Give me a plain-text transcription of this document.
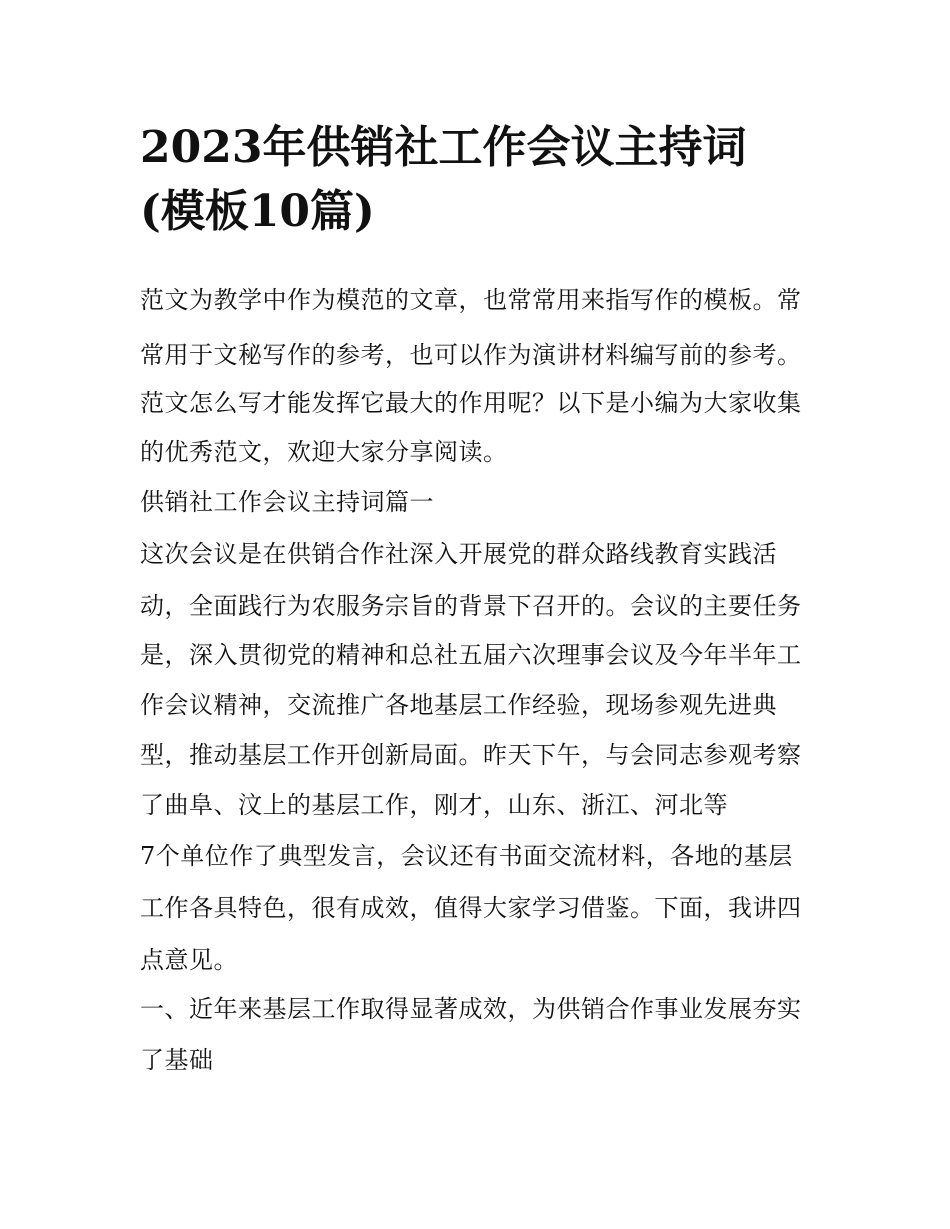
2023年供销社工作会议主持词
(模板10篇)

范文为教学中作为模范的文章，也常常用来指写作的模板。常

常用于文秘写作的参考，也可以作为演讲材料编写前的参考。

范文怎么写才能发挥它最大的作用呢？以下是小编为大家收集

的优秀范文，欢迎大家分享阅读。

供销社工作会议主持词篇一

这次会议是在供销合作社深入开展党的群众路线教育实践活

动，全面践行为农服务宗旨的背景下召开的。会议的主要任务

是，深入贯彻党的精神和总社五届六次理事会议及今年半年工

作会议精神，交流推广各地基层工作经验，现场参观先进典

型，推动基层工作开创新局面。昨天下午，与会同志参观考察

了曲阜、汶上的基层工作，刚才，山东、浙江、河北等

7个单位作了典型发言，会议还有书面交流材料，各地的基层

工作各具特色，很有成效，值得大家学习借鉴。下面，我讲四

点意见。

一、近年来基层工作取得显著成效，为供销合作事业发展夯实

了基础
